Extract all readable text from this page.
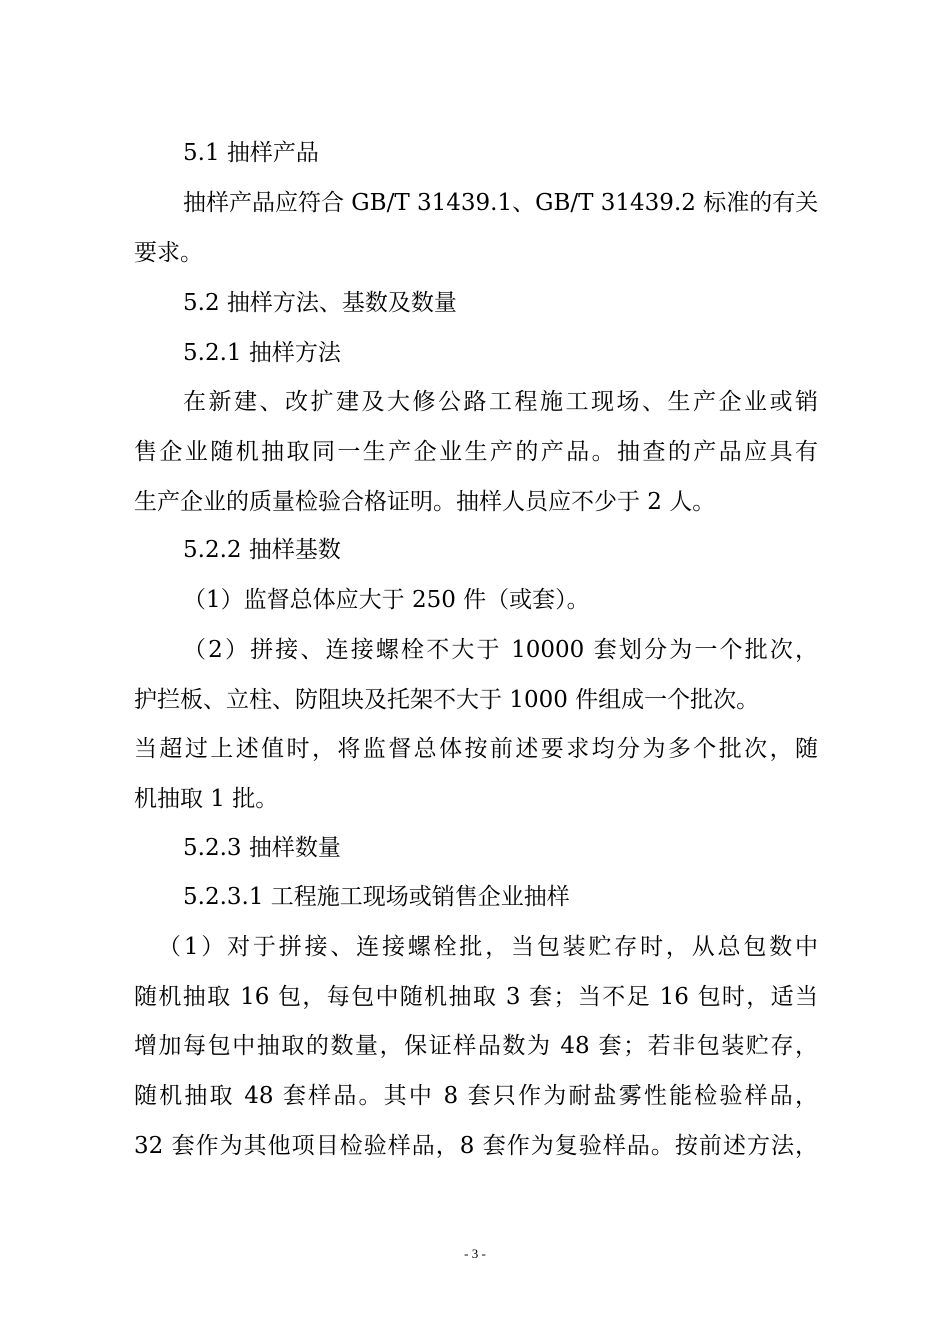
5.1 抽样产品
抽样产品应符合 GB/T 31439.1、GB/T 31439.2 标准的有关
要求。
5.2 抽样方法、基数及数量
5.2.1 抽样方法
在新建、改扩建及大修公路工程施工现场、生产企业或销
售企业随机抽取同一生产企业生产的产品。抽查的产品应具有
生产企业的质量检验合格证明。抽样人员应不少于 2 人。
5.2.2 抽样基数
（1）监督总体应大于 250 件（或套）。
（2）拼接、连接螺栓不大于 10000 套划分为一个批次，
护拦板、立柱、防阻块及托架不大于 1000 件组成一个批次。
当超过上述值时，将监督总体按前述要求均分为多个批次，随
机抽取 1 批。
5.2.3 抽样数量
5.2.3.1 工程施工现场或销售企业抽样
（1）对于拼接、连接螺栓批，当包装贮存时，从总包数中
随机抽取 16 包，每包中随机抽取 3 套；当不足 16 包时，适当
增加每包中抽取的数量，保证样品数为 48 套；若非包装贮存，
随机抽取 48 套样品。其中 8 套只作为耐盐雾性能检验样品，
32 套作为其他项目检验样品，8 套作为复验样品。按前述方法，
- 3 -
